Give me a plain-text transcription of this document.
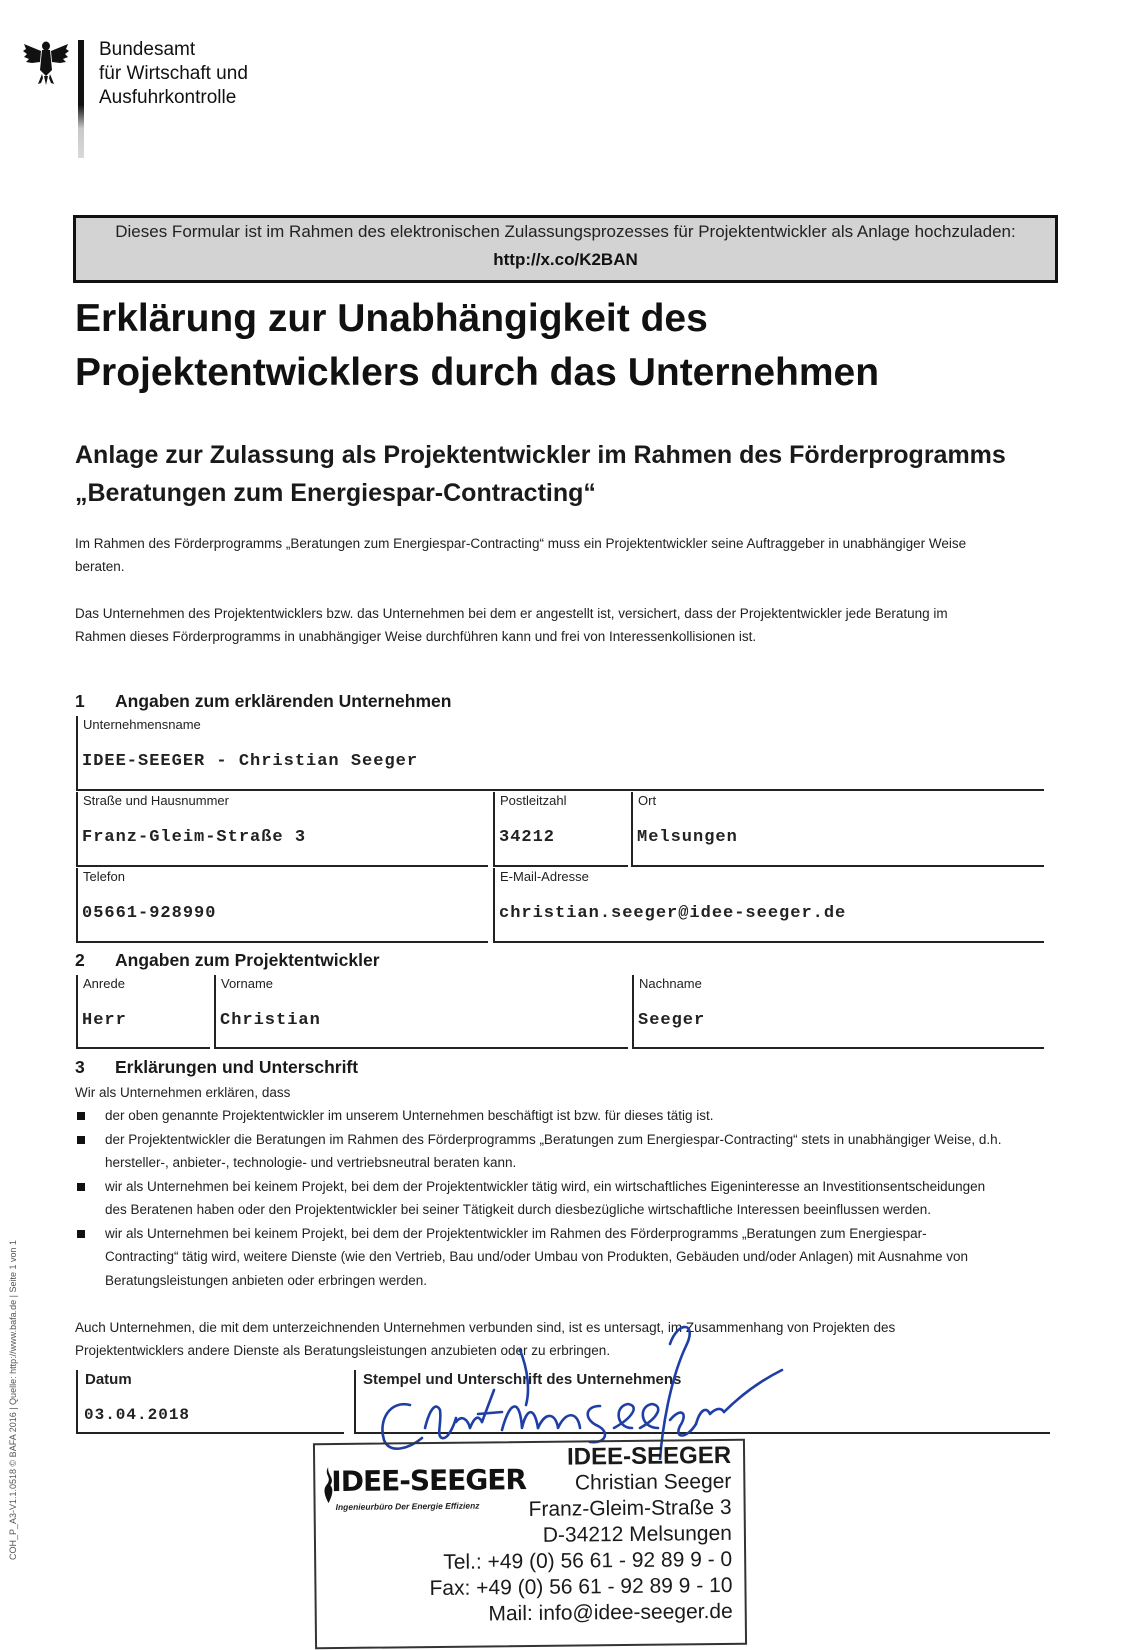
Bundesamt
für Wirtschaft und
Ausfuhrkontrolle
Dieses Formular ist im Rahmen des elektronischen Zulassungsprozesses für Projektentwickler als Anlage hochzuladen:
http://x.co/K2BAN
Erklärung zur Unabhängigkeit des
Projektentwicklers durch das Unternehmen
Anlage zur Zulassung als Projektentwickler im Rahmen des Förderprogramms
„Beratungen zum Energiespar-Contracting“
Im Rahmen des Förderprogramms „Beratungen zum Energiespar-Contracting“ muss ein Projektentwickler seine Auftraggeber in unabhängiger Weise
beraten.
Das Unternehmen des Projektentwicklers bzw. das Unternehmen bei dem er angestellt ist, versichert, dass der Projektentwickler jede Beratung im
Rahmen dieses Förderprogramms in unabhängiger Weise durchführen kann und frei von Interessenkollisionen ist.
1 Angaben zum erklärenden Unternehmen
Unternehmensname
IDEE-SEEGER - Christian Seeger
Straße und Hausnummer
Franz-Gleim-Straße 3
Postleitzahl
34212
Ort
Melsungen
Telefon
05661-928990
E-Mail-Adresse
christian.seeger@idee-seeger.de
2 Angaben zum Projektentwickler
Anrede
Herr
Vorname
Christian
Nachname
Seeger
3 Erklärungen und Unterschrift
Wir als Unternehmen erklären, dass
der oben genannte Projektentwickler im unserem Unternehmen beschäftigt ist bzw. für dieses tätig ist.
der Projektentwickler die Beratungen im Rahmen des Förderprogramms „Beratungen zum Energiespar-Contracting“ stets in unabhängiger Weise, d.h.
hersteller-, anbieter-, technologie- und vertriebsneutral beraten kann.
wir als Unternehmen bei keinem Projekt, bei dem der Projektentwickler tätig wird, ein wirtschaftliches Eigeninteresse an Investitionsentscheidungen
des Beratenen haben oder den Projektentwickler bei seiner Tätigkeit durch diesbezügliche wirtschaftliche Interessen beeinflussen werden.
wir als Unternehmen bei keinem Projekt, bei dem der Projektentwickler im Rahmen des Förderprogramms „Beratungen zum Energiespar-
Contracting“ tätig wird, weitere Dienste (wie den Vertrieb, Bau und/oder Umbau von Produkten, Gebäuden und/oder Anlagen) mit Ausnahme von
Beratungsleistungen anbieten oder erbringen werden.
Auch Unternehmen, die mit dem unterzeichnenden Unternehmen verbunden sind, ist es untersagt, im Zusammenhang von Projekten des
Projektentwicklers andere Dienste als Beratungsleistungen anzubieten oder zu erbringen.
Datum
03.04.2018
Stempel und Unterschrift des Unternehmens
IDEE-SEEGER
Ingenieurbüro Der Energie Effizienz
IDEE-SEEGER
Christian Seeger
Franz-Gleim-Straße 3
D-34212 Melsungen
Tel.: +49 (0) 56 61 - 92 89 9 - 0
Fax: +49 (0) 56 61 - 92 89 9 - 10
Mail: info@idee-seeger.de
COH_P_A3-V1.1.0518 © BAFA 2016 | Quelle: http://www.bafa.de | Seite 1 von 1
